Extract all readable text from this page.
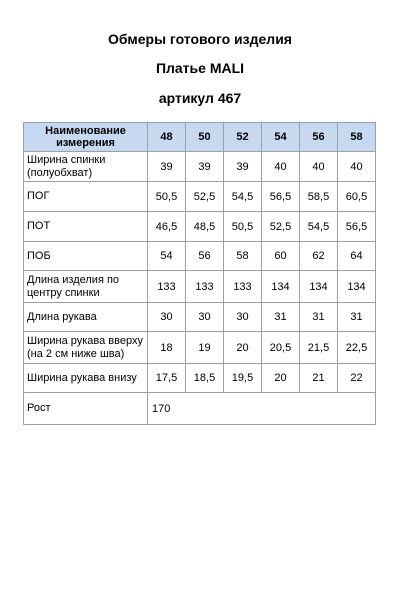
Обмеры готового изделия
Платье MALI
артикул 467
Наименование измерения	48	50	52	54	56	58
Ширина спинки (полуобхват)	39	39	39	40	40	40
ПОГ	50,5	52,5	54,5	56,5	58,5	60,5
ПОТ	46,5	48,5	50,5	52,5	54,5	56,5
ПОБ	54	56	58	60	62	64
Длина изделия по центру спинки	133	133	133	134	134	134
Длина рукава	30	30	30	31	31	31
Ширина рукава вверху (на 2 см ниже шва)	18	19	20	20,5	21,5	22,5
Ширина рукава внизу	17,5	18,5	19,5	20	21	22
Рост	170					
